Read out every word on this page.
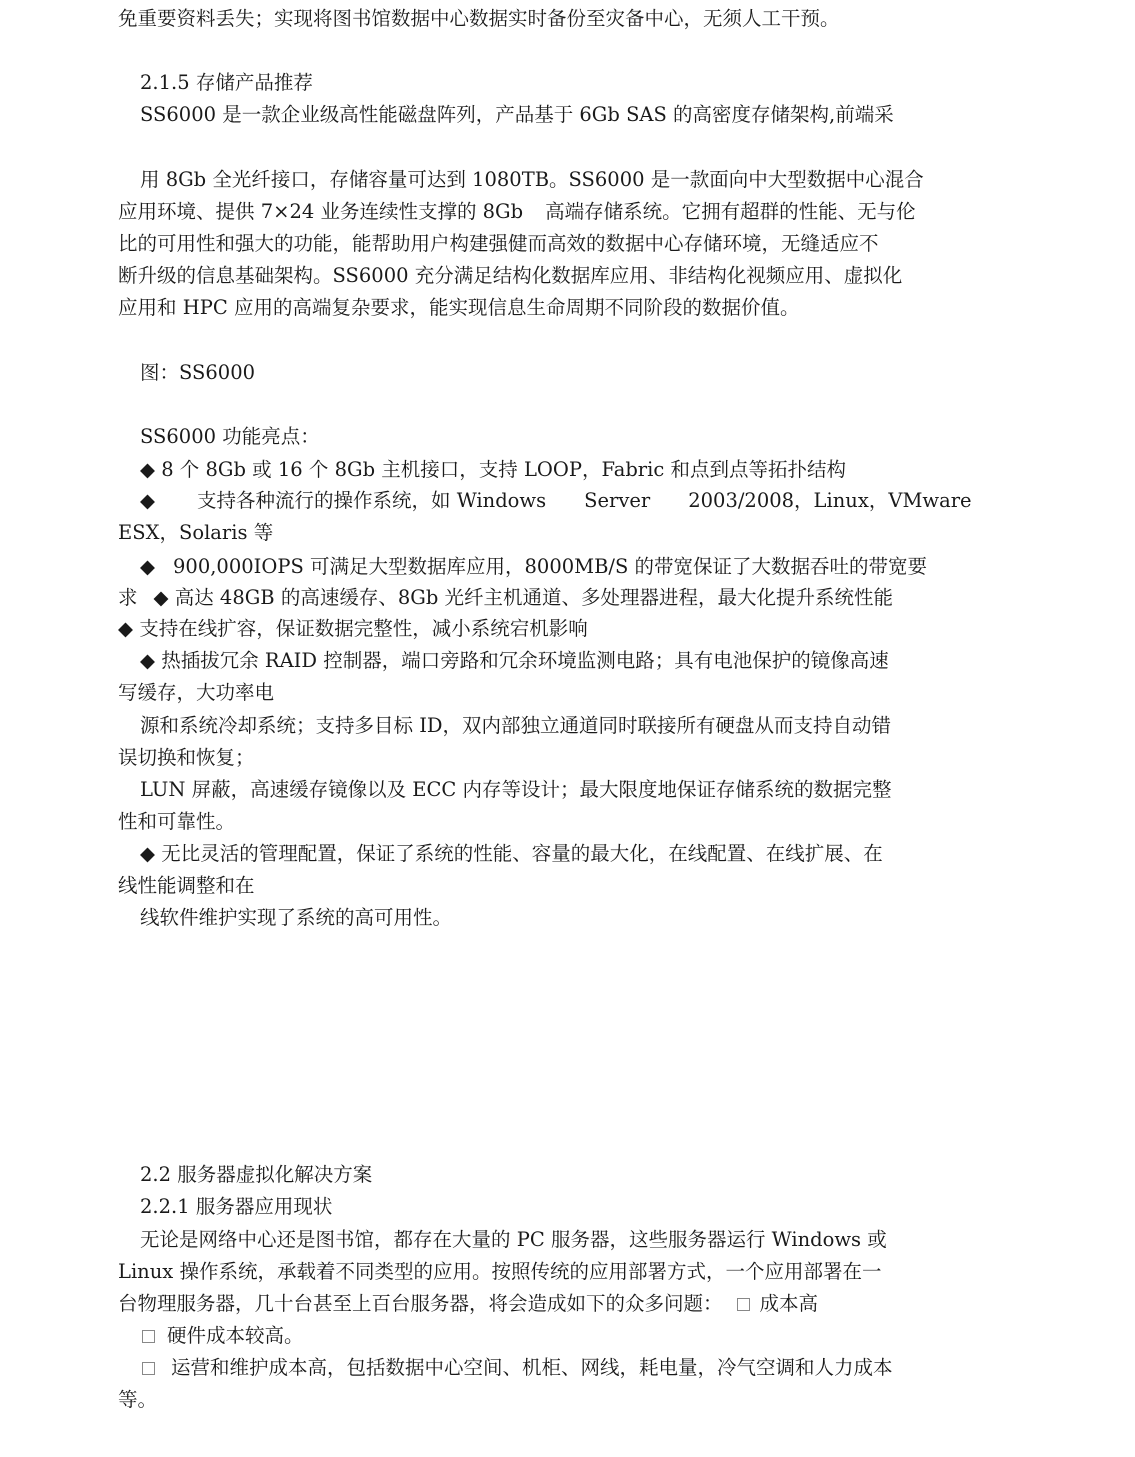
免重要资料丢失；实现将图书馆数据中心数据实时备份至灾备中心，无须人工干预。
2.1.5 存储产品推荐
SS6000 是一款企业级高性能磁盘阵列，产品基于 6Gb SAS 的高密度存储架构,前端采
用 8Gb 全光纤接口，存储容量可达到 1080TB。SS6000 是一款面向中大型数据中心混合
应用环境、提供 7×24 业务连续性支撑的 8Gb 高端存储系统。它拥有超群的性能、无与伦
比的可用性和强大的功能，能帮助用户构建强健而高效的数据中心存储环境，无缝适应不
断升级的信息基础架构。SS6000 充分满足结构化数据库应用、非结构化视频应用、虚拟化
应用和 HPC 应用的高端复杂要求，能实现信息生命周期不同阶段的数据价值。
图：SS6000
SS6000 功能亮点：
◆ 8 个 8Gb 或 16 个 8Gb 主机接口，支持 LOOP，Fabric 和点到点等拓扑结构
◆ 支持各种流行的操作系统，如 Windows Server 2003/2008，Linux，VMware
ESX，Solaris 等
◆ 900,000IOPS 可满足大型数据库应用，8000MB/S 的带宽保证了大数据吞吐的带宽要
求 ◆ 高达 48GB 的高速缓存、8Gb 光纤主机通道、多处理器进程，最大化提升系统性能
◆ 支持在线扩容，保证数据完整性，减小系统宕机影响
◆ 热插拔冗余 RAID 控制器，端口旁路和冗余环境监测电路；具有电池保护的镜像高速
写缓存，大功率电
源和系统冷却系统；支持多目标 ID，双内部独立通道同时联接所有硬盘从而支持自动错
误切换和恢复；
LUN 屏蔽，高速缓存镜像以及 ECC 内存等设计；最大限度地保证存储系统的数据完整
性和可靠性。
◆ 无比灵活的管理配置，保证了系统的性能、容量的最大化，在线配置、在线扩展、在
线性能调整和在
线软件维护实现了系统的高可用性。
2.2 服务器虚拟化解决方案
2.2.1 服务器应用现状
无论是网络中心还是图书馆，都存在大量的 PC 服务器，这些服务器运行 Windows 或
Linux 操作系统，承载着不同类型的应用。按照传统的应用部署方式，一个应用部署在一
台物理服务器，几十台甚至上百台服务器，将会造成如下的众多问题： 成本高
硬件成本较高。
运营和维护成本高，包括数据中心空间、机柜、网线，耗电量，冷气空调和人力成本
等。
